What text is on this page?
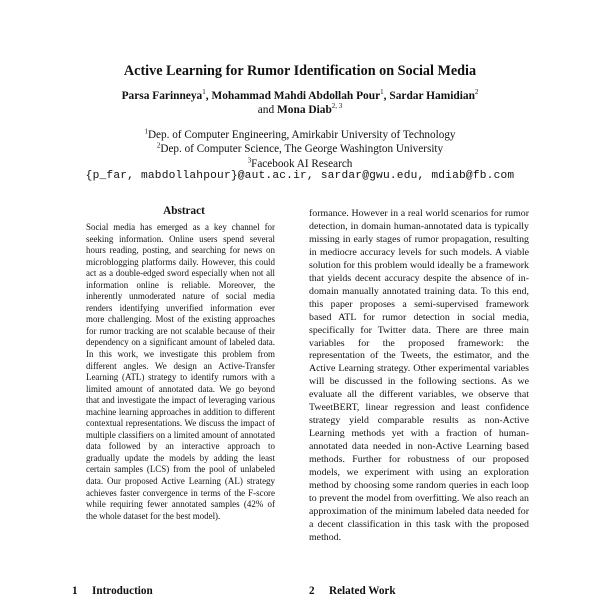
Active Learning for Rumor Identification on Social Media
Parsa Farinneya$^1$, Mohammad Mahdi Abdollah Pour$^1$, Sardar Hamidian$^2$
and Mona Diab$^{2, 3}$
$^1$Dep. of Computer Engineering, Amirkabir University of Technology
$^2$Dep. of Computer Science, The George Washington University
$^3$Facebook AI Research
{p_far, mabdollahpour}@aut.ac.ir, sardar@gwu.edu, mdiab@fb.com
Abstract
Social media has emerged as a key channel for seeking information. Online users spend several hours reading, posting, and searching for news on microblogging platforms daily. However, this could act as a double-edged sword especially when not all information online is reliable. Moreover, the inherently unmoderated nature of social media renders identifying unverified information ever more challenging. Most of the existing approaches for rumor tracking are not scalable because of their dependency on a significant amount of labeled data. In this work, we investigate this problem from different angles. We design an Active-Transfer Learning (ATL) strategy to identify rumors with a limited amount of annotated data. We go beyond that and investigate the impact of leveraging various machine learning approaches in addition to different contextual representations. We discuss the impact of multiple classifiers on a limited amount of annotated data followed by an interactive approach to gradually update the models by adding the least certain samples (LCS) from the pool of unlabeled data. Our proposed Active Learning (AL) strategy achieves faster convergence in terms of the F-score while requiring fewer annotated samples (42% of the whole dataset for the best model).
formance. However in a real world scenarios for rumor detection, in domain human-annotated data is typically missing in early stages of rumor propagation, resulting in mediocre accuracy levels for such models. A viable solution for this problem would ideally be a framework that yields decent accuracy despite the absence of in-domain manually annotated training data. To this end, this paper proposes a semi-supervised framework based ATL for rumor detection in social media, specifically for Twitter data. There are three main variables for the proposed framework: the representation of the Tweets, the estimator, and the Active Learning strategy. Other experimental variables will be discussed in the following sections. As we evaluate all the different variables, we observe that TweetBERT, linear regression and least confidence strategy yield comparable results as non-Active Learning methods yet with a fraction of human-annotated data needed in non-Active Learning based methods. Further for robustness of our proposed models, we experiment with using an exploration method by choosing some random queries in each loop to prevent the model from overfitting. We also reach an approximation of the minimum labeled data needed for a decent classification in this task with the proposed method.
1 Introduction	2 Related Work
